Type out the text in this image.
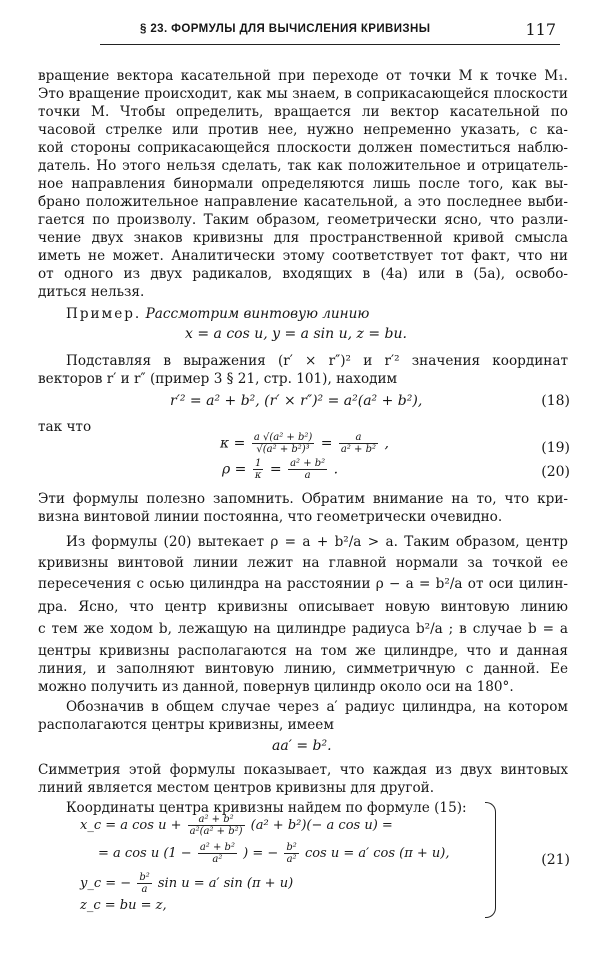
§ 23. ФОРМУЛЫ ДЛЯ ВЫЧИСЛЕНИЯ КРИВИЗНЫ	117
вращение вектора касательной при переходе от точки M к точке M₁.
Это вращение происходит, как мы знаем, в соприкасающейся плоскости
точки M. Чтобы определить, вращается ли вектор касательной по
часовой стрелке или против нее, нужно непременно указать, с ка-
кой стороны соприкасающейся плоскости должен поместиться наблю-
датель. Но этого нельзя сделать, так как положительное и отрицатель-
ное направления бинормали определяются лишь после того, как вы-
брано положительное направление касательной, а это последнее выби-
гается по произволу. Таким образом, геометрически ясно, что разли-
чение двух знаков кривизны для пространственной кривой смысла
иметь не может. Аналитически этому соответствует тот факт, что ни
от одного из двух радикалов, входящих в (4а) или в (5а), освобо-
диться нельзя.
Пример. Рассмотрим винтовую линию
x = a cos u, y = a sin u, z = bu.
Подставляя в выражения (r′ × r″)² и r′² значения координат
векторов r′ и r″ (пример 3 § 21, стр. 101), находим
r′² = a² + b², (r′ × r″)² = a²(a² + b²),	(18)
так что
$\kappa = \frac{\text{a √(a² + b²)}}{\text{√(a² + b²)³}} = \frac{a}{\text{a² + b²}}$ ,	(19)
$\rho = \frac{1}{\kappa} = \frac{\text{a² + b²}}{a}$ .	(20)
Эти формулы полезно запомнить. Обратим внимание на то, что кри-
визна винтовой линии постоянна, что геометрически очевидно.
Из формулы (20) вытекает ρ = a + b²/a > a. Таким образом, центр
кривизны винтовой линии лежит на главной нормали за точкой ее
пересечения с осью цилиндра на расстоянии ρ − a = b²/a от оси цилин-
дра. Ясно, что центр кривизны описывает новую винтовую линию
с тем же ходом b, лежащую на цилиндре радиуса b²/a ; в случае b = a
центры кривизны располагаются на том же цилиндре, что и данная
линия, и заполняют винтовую линию, симметричную с данной. Ее
можно получить из данной, повернув цилиндр около оси на 180°.
Обозначив в общем случае через a′ радиус цилиндра, на котором
располагаются центры кривизны, имеем
aa′ = b².
Симметрия этой формулы показывает, что каждая из двух винтовых
линий является местом центров кривизны для другой.
Координаты центра кривизны найдем по формуле (15):
x_c = a $\cos u + \frac{\text{a² + b²}}{\text{a²(a² + b²)}} (a^2 + b^2)(- a$ cos u) =
= a cos u ($1 - \frac{\text{a² + b²}}{\text{a²}}$ ) = − $\frac{\text{b²}}{\text{a²}}$ cos u = a′ cos (π + u),
y_c = − $\frac{\text{b²}}{a}$ sin u = a′ sin (π + u)
z_c = bu = z,
(21)
